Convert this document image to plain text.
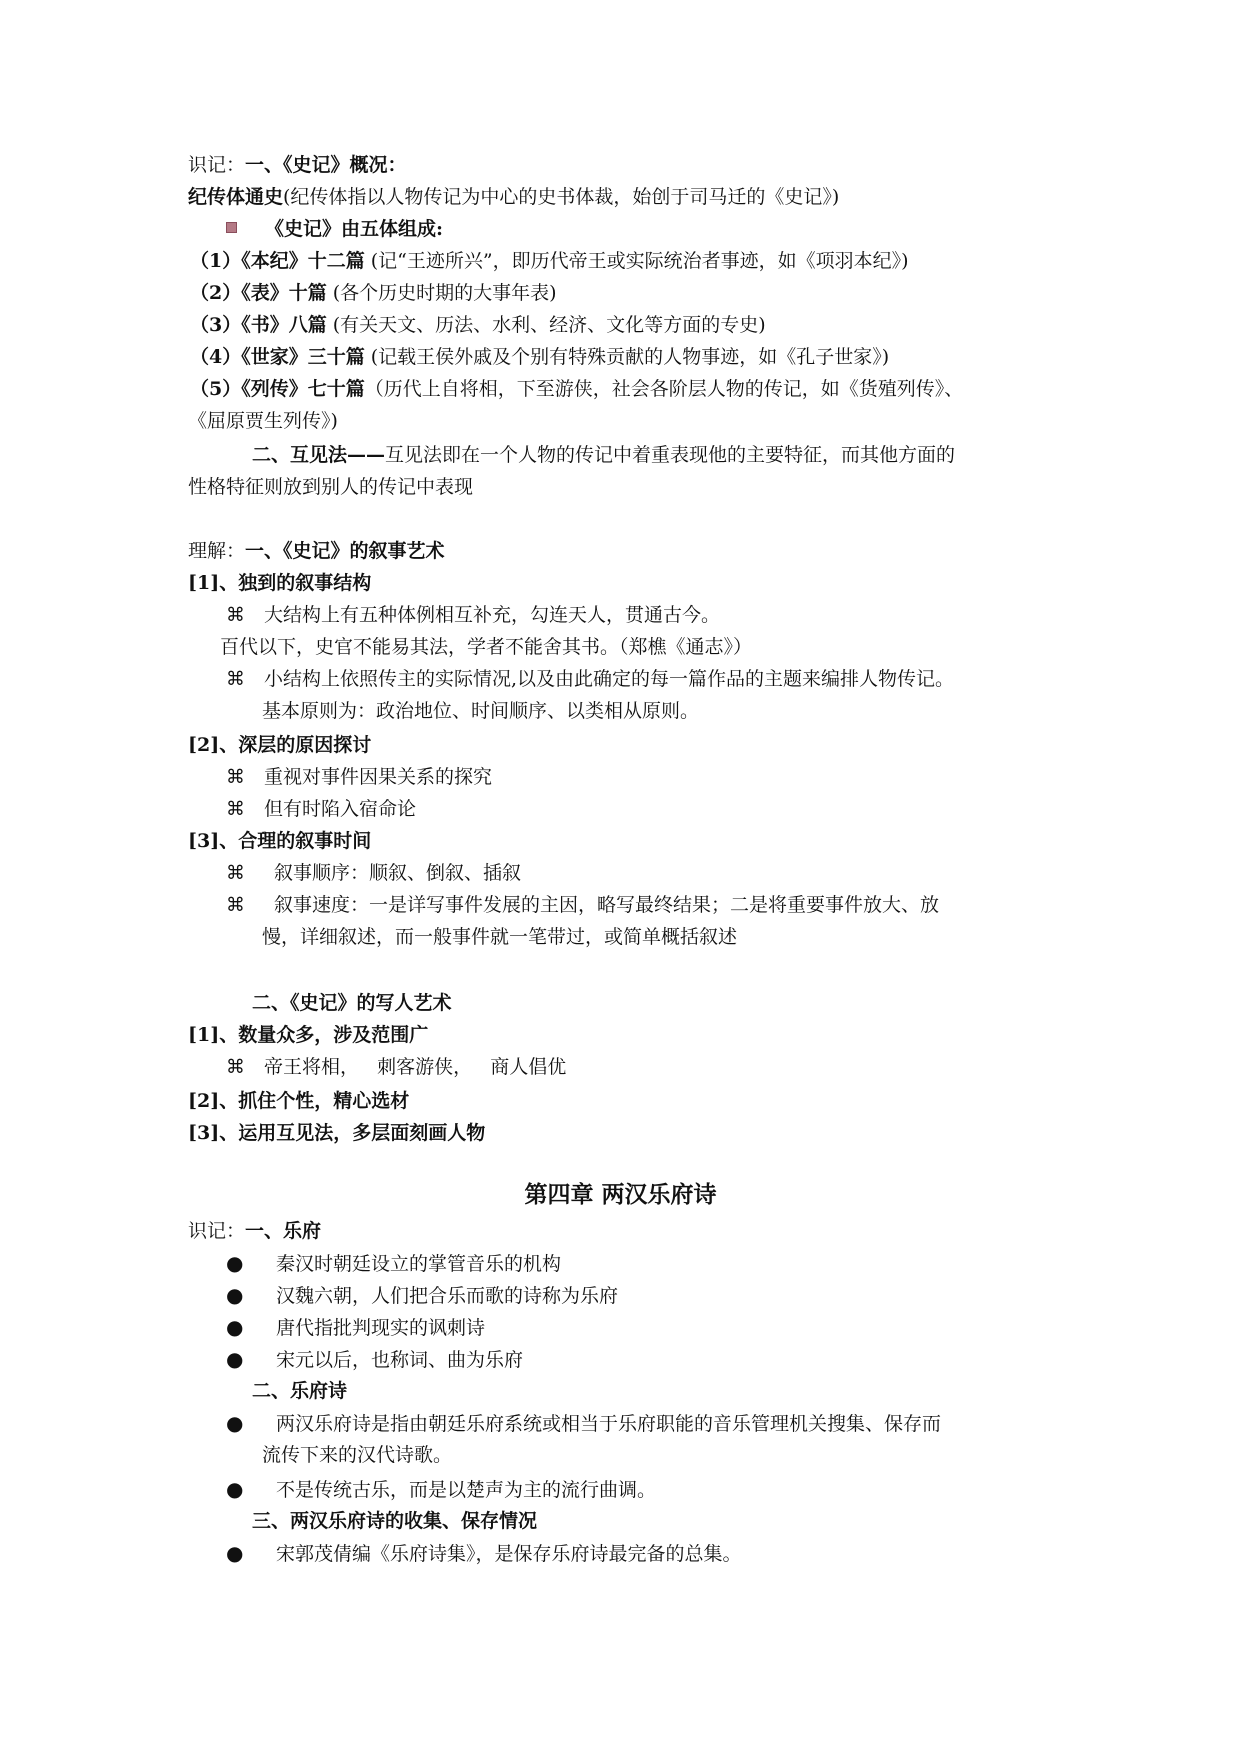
识记：一、《史记》概况：
纪传体通史(纪传体指以人物传记为中心的史书体裁，始创于司马迁的《史记》)
《史记》由五体组成:
（1）《本纪》十二篇 (记“王迹所兴”，即历代帝王或实际统治者事迹，如《项羽本纪》)
（2）《表》十篇 (各个历史时期的大事年表)
（3）《书》八篇 (有关天文、历法、水利、经济、文化等方面的专史)
（4）《世家》三十篇 (记载王侯外戚及个别有特殊贡献的人物事迹，如《孔子世家》)
（5）《列传》七十篇（历代上自将相，下至游侠，社会各阶层人物的传记，如《货殖列传》、
《屈原贾生列传》)
二、互见法——互见法即在一个人物的传记中着重表现他的主要特征，而其他方面的
性格特征则放到别人的传记中表现
理解：一、《史记》的叙事艺术
[1]、独到的叙事结构
⌘ 大结构上有五种体例相互补充，勾连天人，贯通古今。
百代以下，史官不能易其法，学者不能舍其书。（郑樵《通志》）
⌘ 小结构上依照传主的实际情况,以及由此确定的每一篇作品的主题来编排人物传记。
基本原则为：政治地位、时间顺序、以类相从原则。
[2]、深层的原因探讨
⌘ 重视对事件因果关系的探究
⌘ 但有时陷入宿命论
[3]、合理的叙事时间
⌘ 叙事顺序：顺叙、倒叙、插叙
⌘ 叙事速度：一是详写事件发展的主因，略写最终结果；二是将重要事件放大、放
慢，详细叙述，而一般事件就一笔带过，或简单概括叙述
二、《史记》的写人艺术
[1]、数量众多，涉及范围广
⌘ 帝王将相，   刺客游侠，   商人倡优
[2]、抓住个性，精心选材
[3]、运用互见法，多层面刻画人物
第四章 两汉乐府诗
识记：一、乐府
● 秦汉时朝廷设立的掌管音乐的机构
● 汉魏六朝，人们把合乐而歌的诗称为乐府
● 唐代指批判现实的讽刺诗
● 宋元以后，也称词、曲为乐府
二、乐府诗
● 两汉乐府诗是指由朝廷乐府系统或相当于乐府职能的音乐管理机关搜集、保存而
流传下来的汉代诗歌。
● 不是传统古乐，而是以楚声为主的流行曲调。
三、两汉乐府诗的收集、保存情况
● 宋郭茂倩编《乐府诗集》，是保存乐府诗最完备的总集。
